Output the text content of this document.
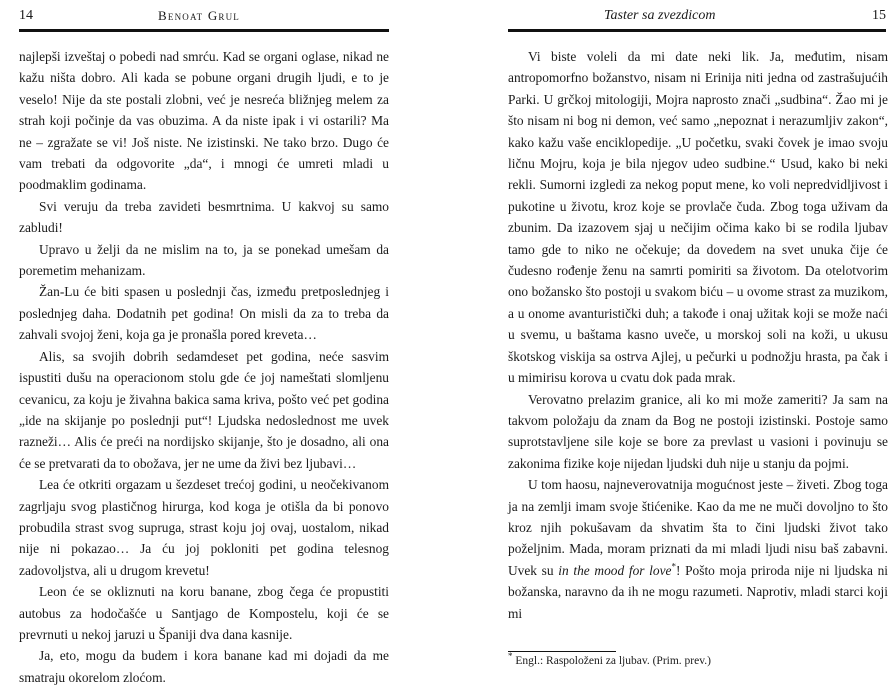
14	Benoat Grul

najlepši izveštaj o pobedi nad smrću. Kad se organi oglase, nikad ne kažu ništa dobro. Ali kada se pobune organi drugih ljudi, e to je veselo! Nije da ste postali zlobni, već je nesreća bližnjeg melem za strah koji počinje da vas obuzima. A da niste ipak i vi ostarili? Ma ne – zgražate se vi! Još niste. Ne izistinski. Ne tako brzo. Dugo će vam trebati da odgovorite „da“, i mnogi će umreti mladi u poodmaklim godinama.

Svi veruju da treba zavideti besmrtnima. U kakvoj su samo zabludi!

Upravo u želji da ne mislim na to, ja se ponekad umešam da poremetim mehanizam.

Žan-Lu će biti spasen u poslednji čas, između pretposlednjeg i poslednjeg daha. Dodatnih pet godina! On misli da za to treba da zahvali svojoj ženi, koja ga je pronašla pored kreveta…

Alis, sa svojih dobrih sedamdeset pet godina, neće sasvim ispustiti dušu na operacionom stolu gde će joj nameštati slomljenu cevanicu, za koju je živahna bakica sama kriva, pošto već pet godina „ide na skijanje po poslednji put“! Ljudska nedoslednost me uvek razneži… Alis će preći na nordijsko skijanje, što je dosadno, ali ona će se pretvarati da to obožava, jer ne ume da živi bez ljubavi…

Lea će otkriti orgazam u šezdeset trećoj godini, u neočekivanom zagrljaju svog plastičnog hirurga, kod koga je otišla da bi ponovo probudila strast svog supruga, strast koju joj ovaj, uostalom, nikad nije ni pokazao… Ja ću joj pokloniti pet godina telesnog zadovoljstva, ali u drugom krevetu!

Leon će se okliznuti na koru banane, zbog čega će propustiti autobus za hodočašće u Santjago de Kompostelu, koji će se prevrnuti u nekoj jaruzi u Španiji dva dana kasnije.

Ja, eto, mogu da budem i kora banane kad mi dojadi da me smatraju okorelom zloćom.

Taster sa zvezdicom	15

Vi biste voleli da mi date neki lik. Ja, međutim, nisam antropomorfno božanstvo, nisam ni Erinija niti jedna od zastrašujućih Parki. U grčkoj mitologiji, Mojra naprosto znači „sudbina“. Žao mi je što nisam ni bog ni demon, već samo „nepoznat i nerazumljiv zakon“, kako kažu vaše enciklopedije. „U početku, svaki čovek je imao svoju ličnu Mojru, koja je bila njegov udeo sudbine.“ Usud, kako bi neki rekli. Sumorni izgledi za nekog poput mene, ko voli nepredvidljivost i pukotine u životu, kroz koje se provlače čuda. Zbog toga uživam da zbunim. Da izazovem sjaj u nečijim očima kako bi se rodila ljubav tamo gde to niko ne očekuje; da dovedem na svet unuka čije će čudesno rođenje ženu na samrti pomiriti sa životom. Da otelotvorim ono božansko što postoji u svakom biću – u ovome strast za muzikom, a u onome avanturistički duh; a takođe i onaj užitak koji se može naći u svemu, u baštama kasno uveče, u morskoj soli na koži, u ukusu škotskog viskija sa ostrva Ajlej, u pečurki u podnožju hrasta, pa čak i u mimirisu korova u cvatu dok pada mrak.

Verovatno prelazim granice, ali ko mi može zameriti? Ja sam na takvom položaju da znam da Bog ne postoji izistinski. Postoje samo suprotstavljene sile koje se bore za prevlast u vasioni i povinuju se zakonima fizike koje nijedan ljudski duh nije u stanju da pojmi.

U tom haosu, najneverovatnija mogućnost jeste – živeti. Zbog toga ja na zemlji imam svoje štićenike. Kao da me ne muči dovoljno to što kroz njih pokušavam da shvatim šta to čini ljudski život tako poželjnim. Mada, moram priznati da mi mladi ljudi nisu baš zabavni. Uvek su in the mood for love*! Pošto moja priroda nije ni ljudska ni božanska, naravno da ih ne mogu razumeti. Naprotiv, mladi starci koji mi

* Engl.: Raspoloženi za ljubav. (Prim. prev.)
